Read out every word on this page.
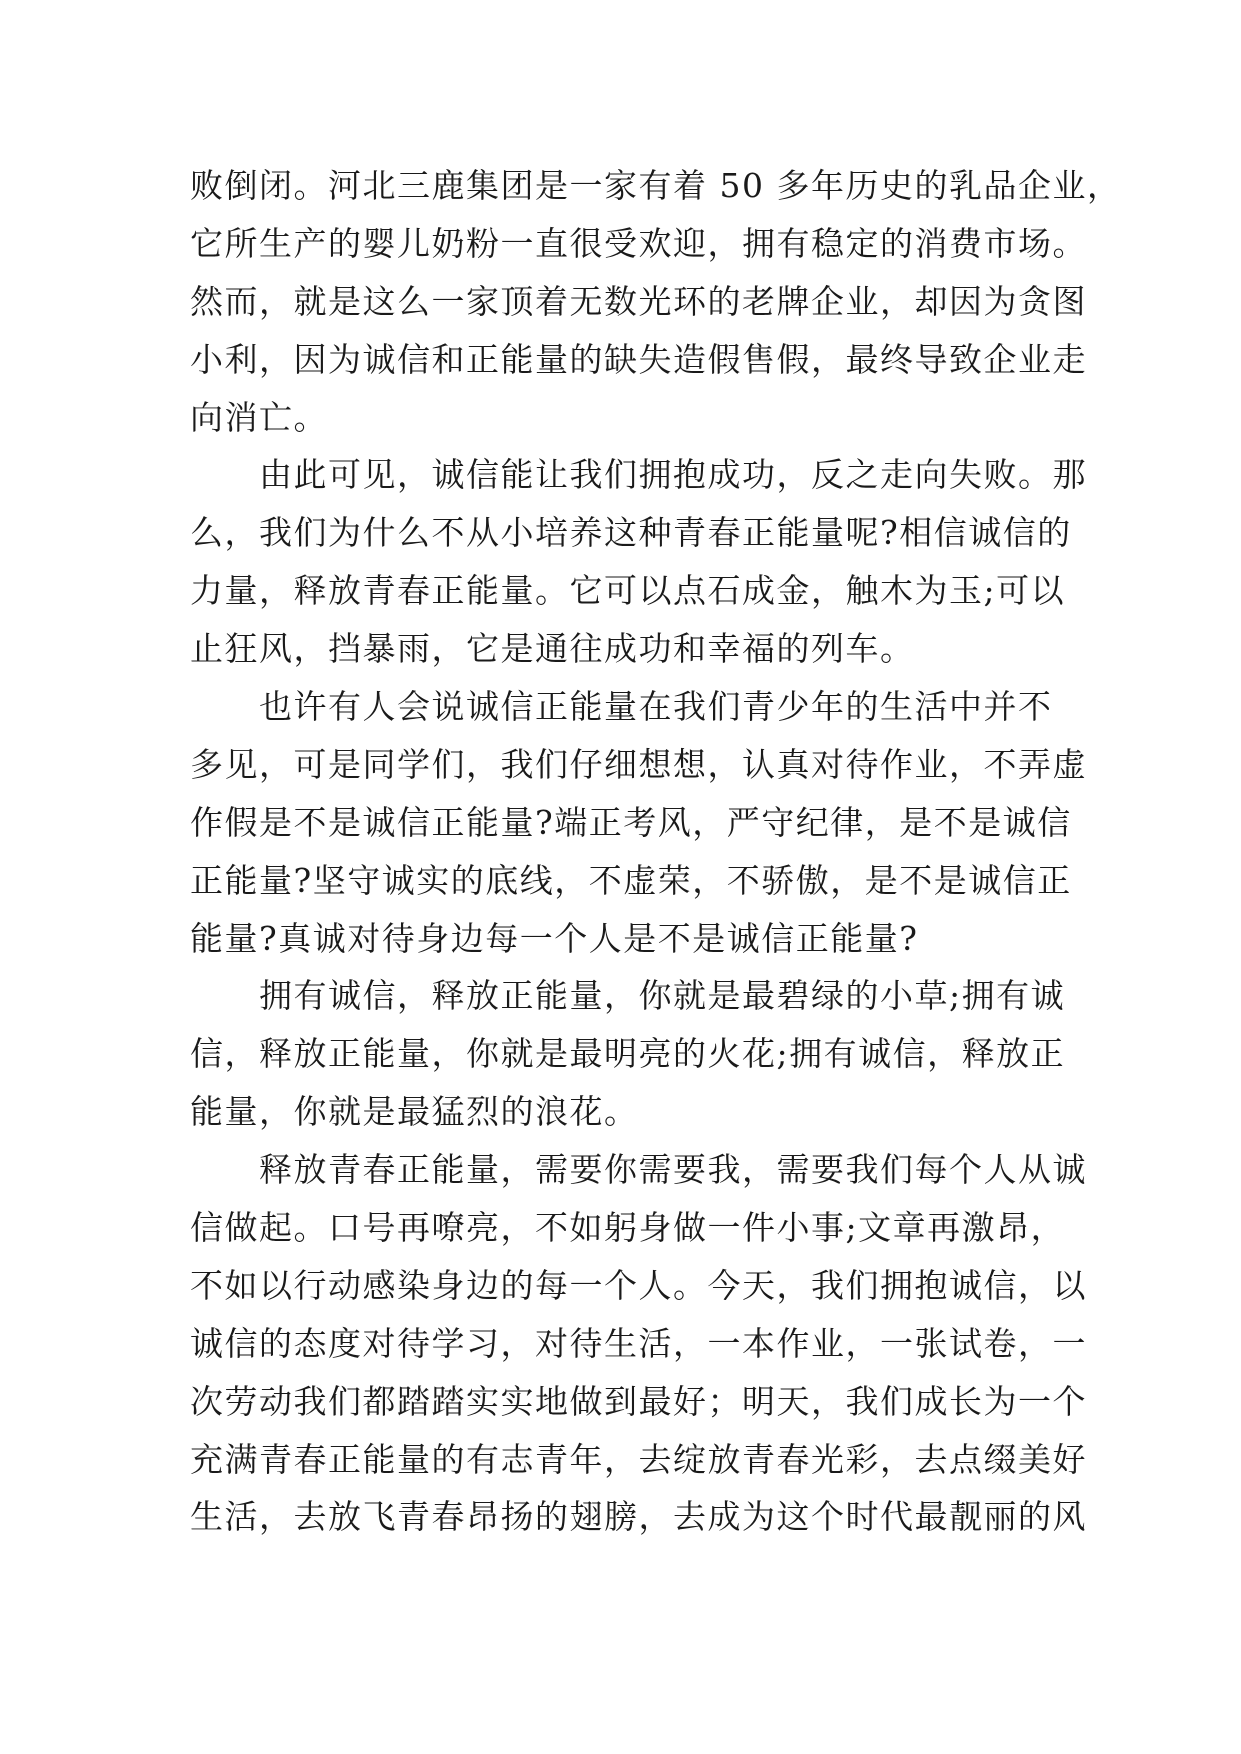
败倒闭。河北三鹿集团是一家有着 50 多年历史的乳品企业，
它所生产的婴儿奶粉一直很受欢迎，拥有稳定的消费市场。
然而，就是这么一家顶着无数光环的老牌企业，却因为贪图
小利，因为诚信和正能量的缺失造假售假，最终导致企业走
向消亡。
　　由此可见，诚信能让我们拥抱成功，反之走向失败。那
么，我们为什么不从小培养这种青春正能量呢?相信诚信的
力量，释放青春正能量。它可以点石成金，触木为玉;可以
止狂风，挡暴雨，它是通往成功和幸福的列车。
　　也许有人会说诚信正能量在我们青少年的生活中并不
多见，可是同学们，我们仔细想想，认真对待作业，不弄虚
作假是不是诚信正能量?端正考风，严守纪律，是不是诚信
正能量?坚守诚实的底线，不虚荣，不骄傲，是不是诚信正
能量?真诚对待身边每一个人是不是诚信正能量?
　　拥有诚信，释放正能量，你就是最碧绿的小草;拥有诚
信，释放正能量，你就是最明亮的火花;拥有诚信，释放正
能量，你就是最猛烈的浪花。
　　释放青春正能量，需要你需要我，需要我们每个人从诚
信做起。口号再嘹亮，不如躬身做一件小事;文章再激昂，
不如以行动感染身边的每一个人。今天，我们拥抱诚信，以
诚信的态度对待学习，对待生活，一本作业，一张试卷，一
次劳动我们都踏踏实实地做到最好；明天，我们成长为一个
充满青春正能量的有志青年，去绽放青春光彩，去点缀美好
生活，去放飞青春昂扬的翅膀，去成为这个时代最靓丽的风
